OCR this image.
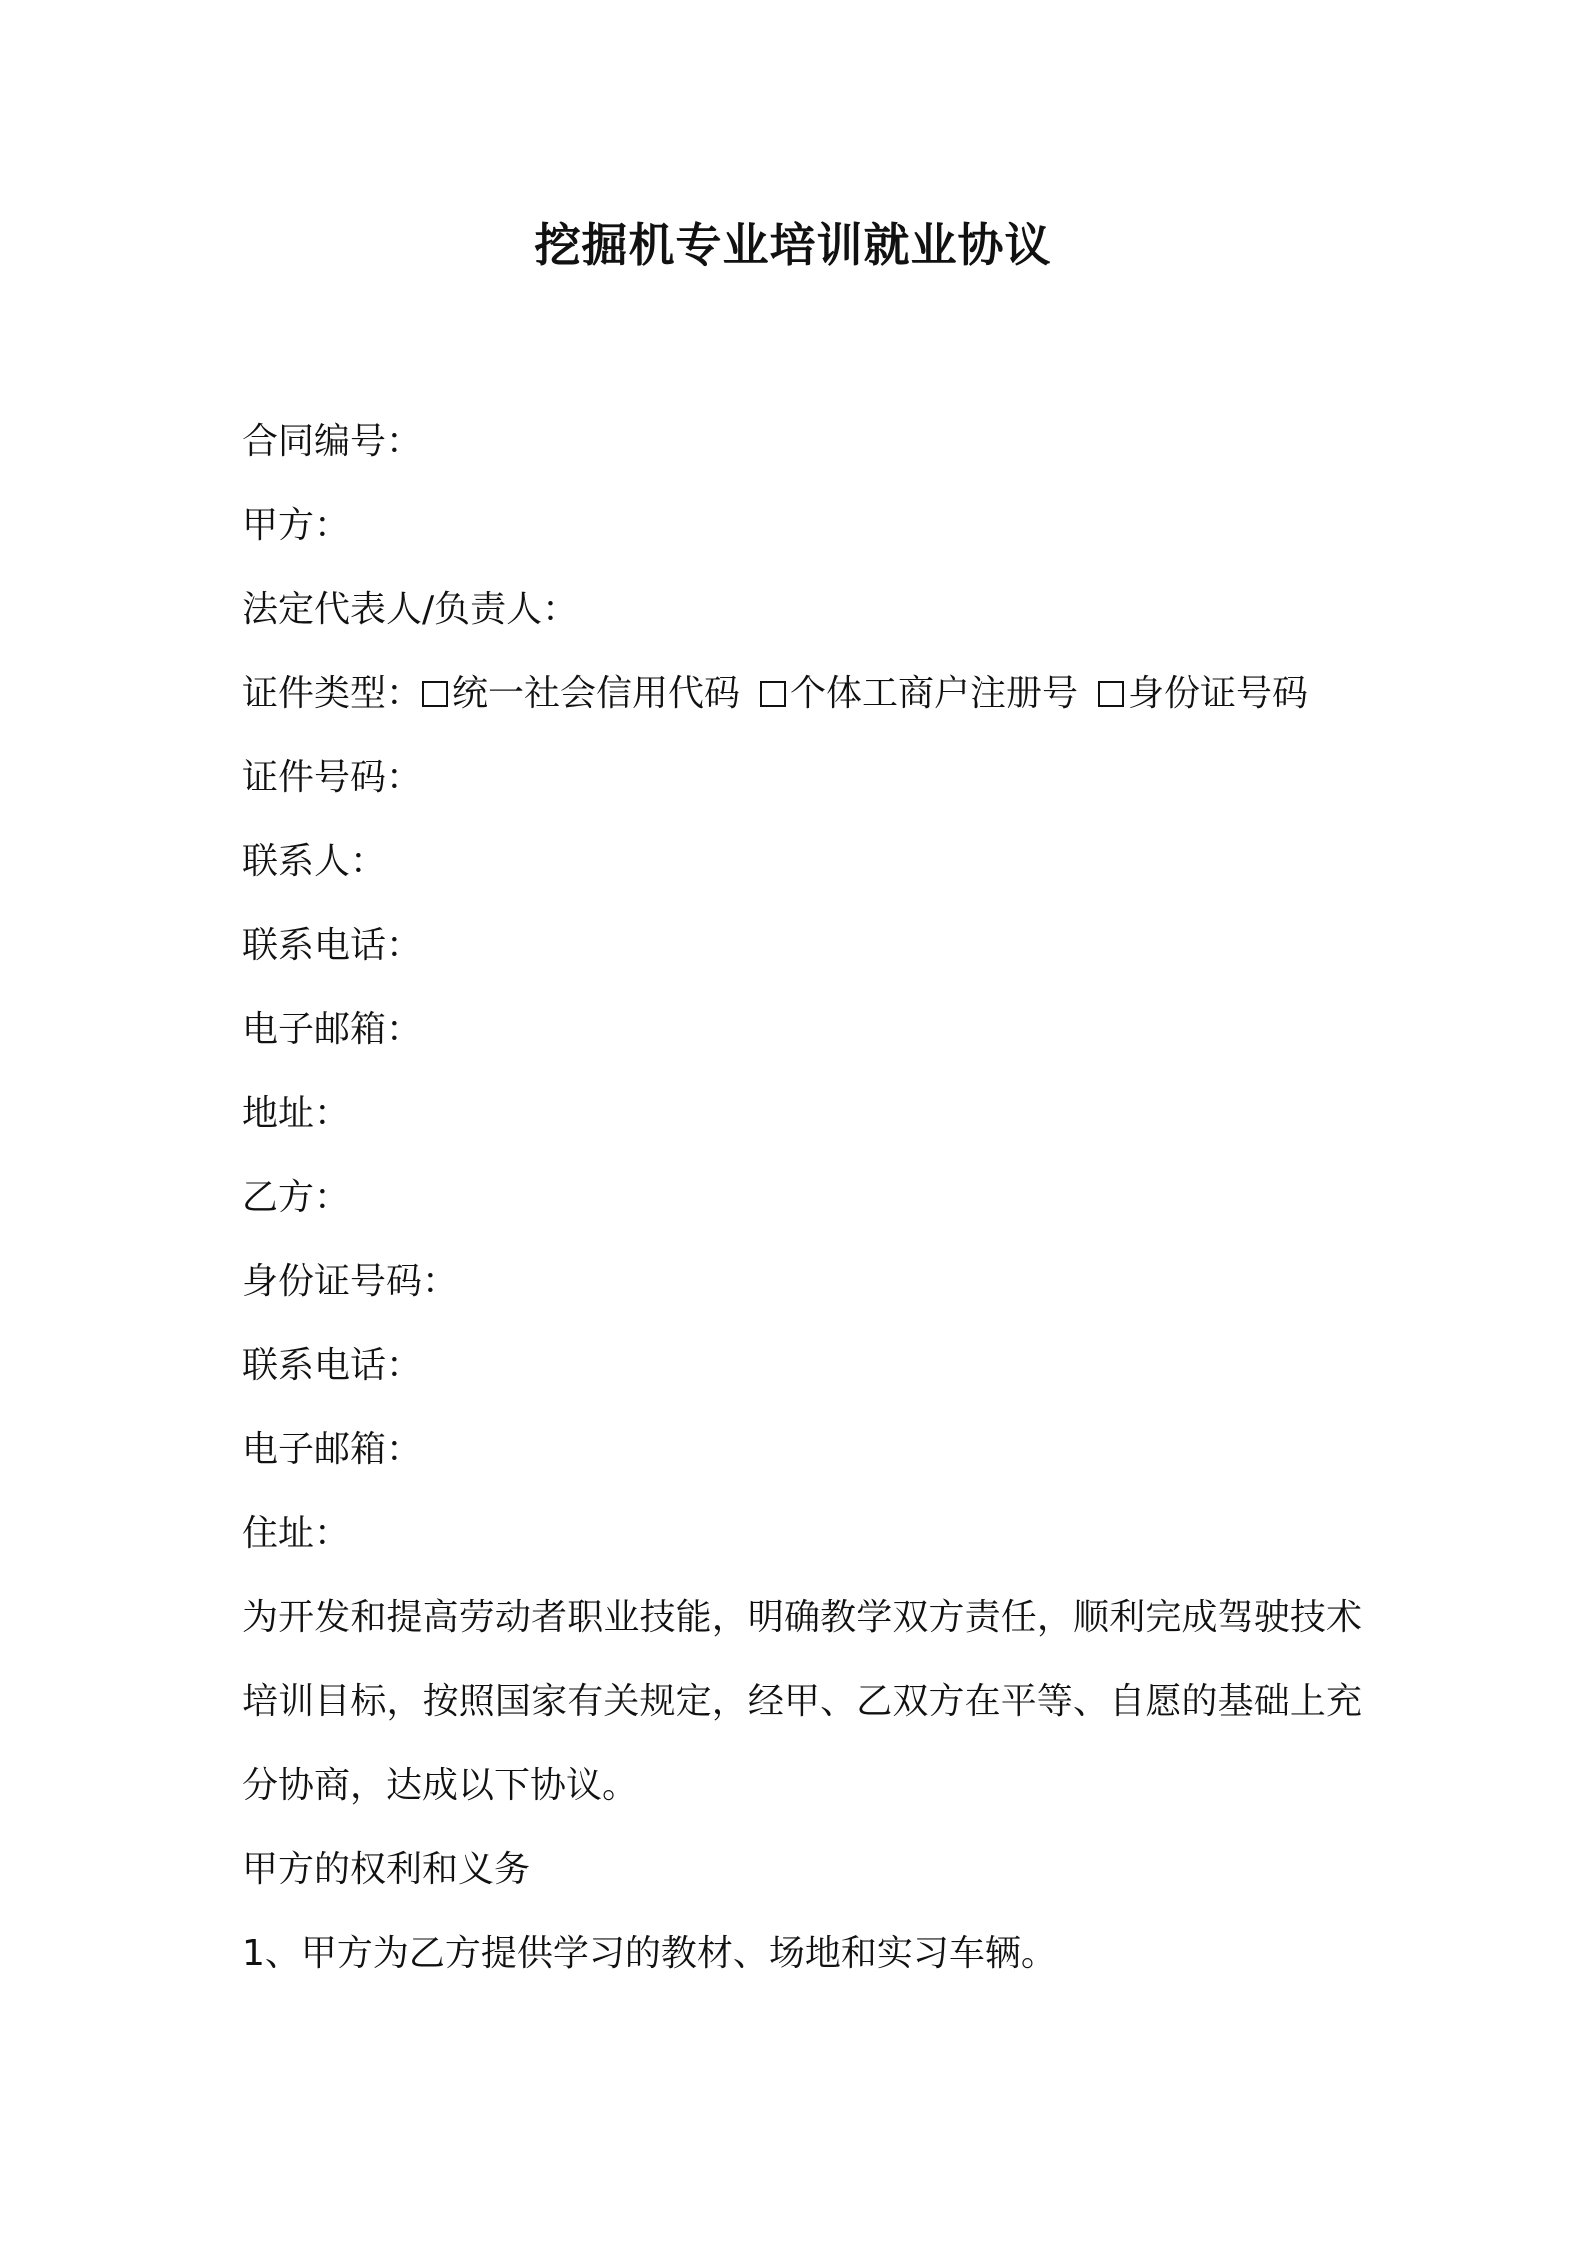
挖掘机专业培训就业协议

合同编号：

甲方：

法定代表人/负责人：

证件类型： 统一社会信用代码 个体工商户注册号 身份证号码

证件号码：

联系人：

联系电话：

电子邮箱：

地址：

乙方：

身份证号码：

联系电话：

电子邮箱：

住址：

为开发和提高劳动者职业技能，明确教学双方责任，顺利完成驾驶技术培训目标，按照国家有关规定，经甲、乙双方在平等、自愿的基础上充分协商，达成以下协议。

甲方的权利和义务

1、甲方为乙方提供学习的教材、场地和实习车辆。
